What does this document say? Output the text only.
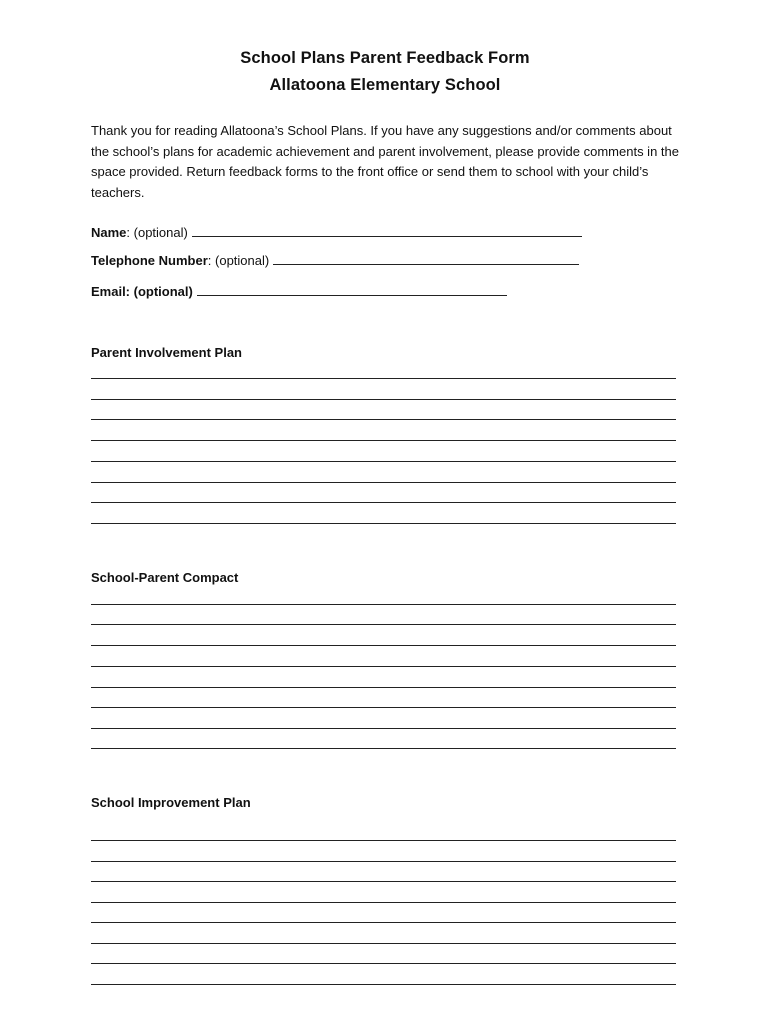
School Plans Parent Feedback Form
Allatoona Elementary School
Thank you for reading Allatoona’s School Plans. If you have any suggestions and/or comments about the school’s plans for academic achievement and parent involvement, please provide comments in the space provided. Return feedback forms to the front office or send them to school with your child’s teachers.
Name : (optional)
Telephone Number : (optional)
Email: (optional)
Parent Involvement Plan
School-Parent Compact
School Improvement Plan
